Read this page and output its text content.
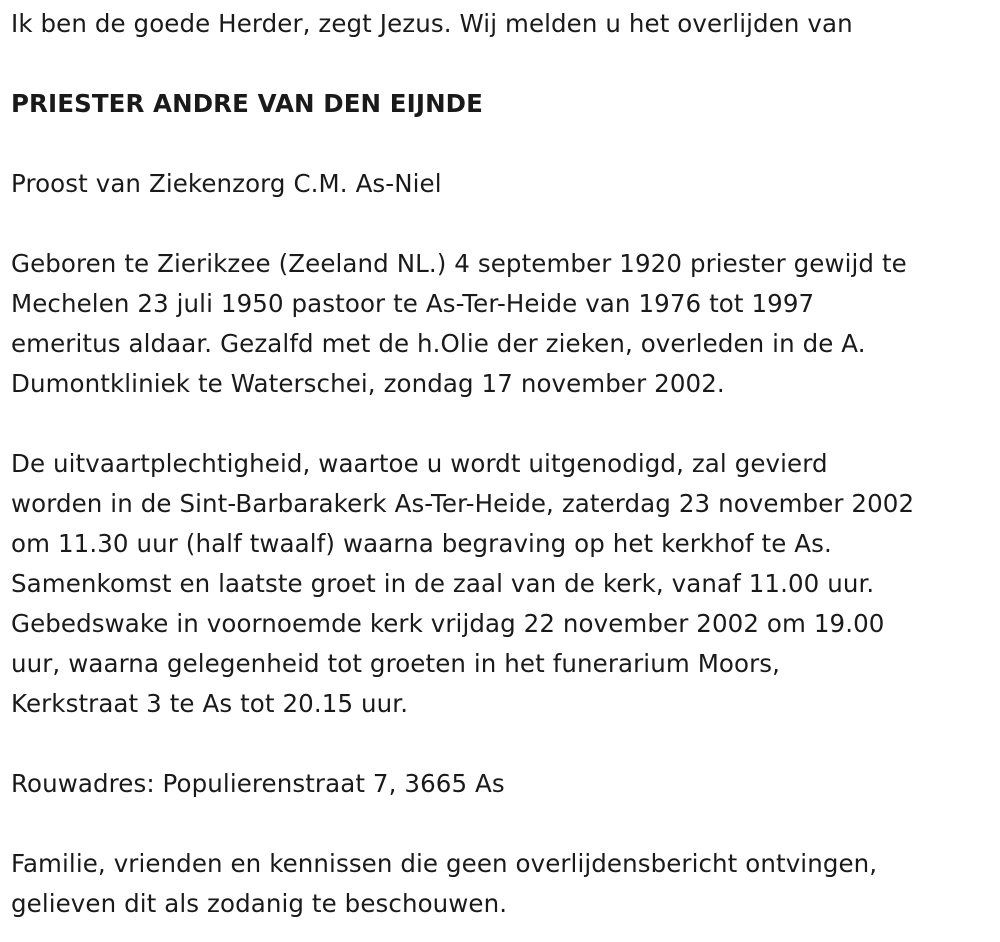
Ik ben de goede Herder, zegt Jezus. Wij melden u het overlijden van

PRIESTER ANDRE VAN DEN EIJNDE

Proost van Ziekenzorg C.M. As-Niel

Geboren te Zierikzee (Zeeland NL.) 4 september 1920 priester gewijd te
Mechelen 23 juli 1950 pastoor te As-Ter-Heide van 1976 tot 1997
emeritus aldaar. Gezalfd met de h.Olie der zieken, overleden in de A.
Dumontkliniek te Waterschei, zondag 17 november 2002.

De uitvaartplechtigheid, waartoe u wordt uitgenodigd, zal gevierd
worden in de Sint-Barbarakerk As-Ter-Heide, zaterdag 23 november 2002
om 11.30 uur (half twaalf) waarna begraving op het kerkhof te As.
Samenkomst en laatste groet in de zaal van de kerk, vanaf 11.00 uur.
Gebedswake in voornoemde kerk vrijdag 22 november 2002 om 19.00
uur, waarna gelegenheid tot groeten in het funerarium Moors,
Kerkstraat 3 te As tot 20.15 uur.

Rouwadres: Populierenstraat 7, 3665 As

Familie, vrienden en kennissen die geen overlijdensbericht ontvingen,
gelieven dit als zodanig te beschouwen.
